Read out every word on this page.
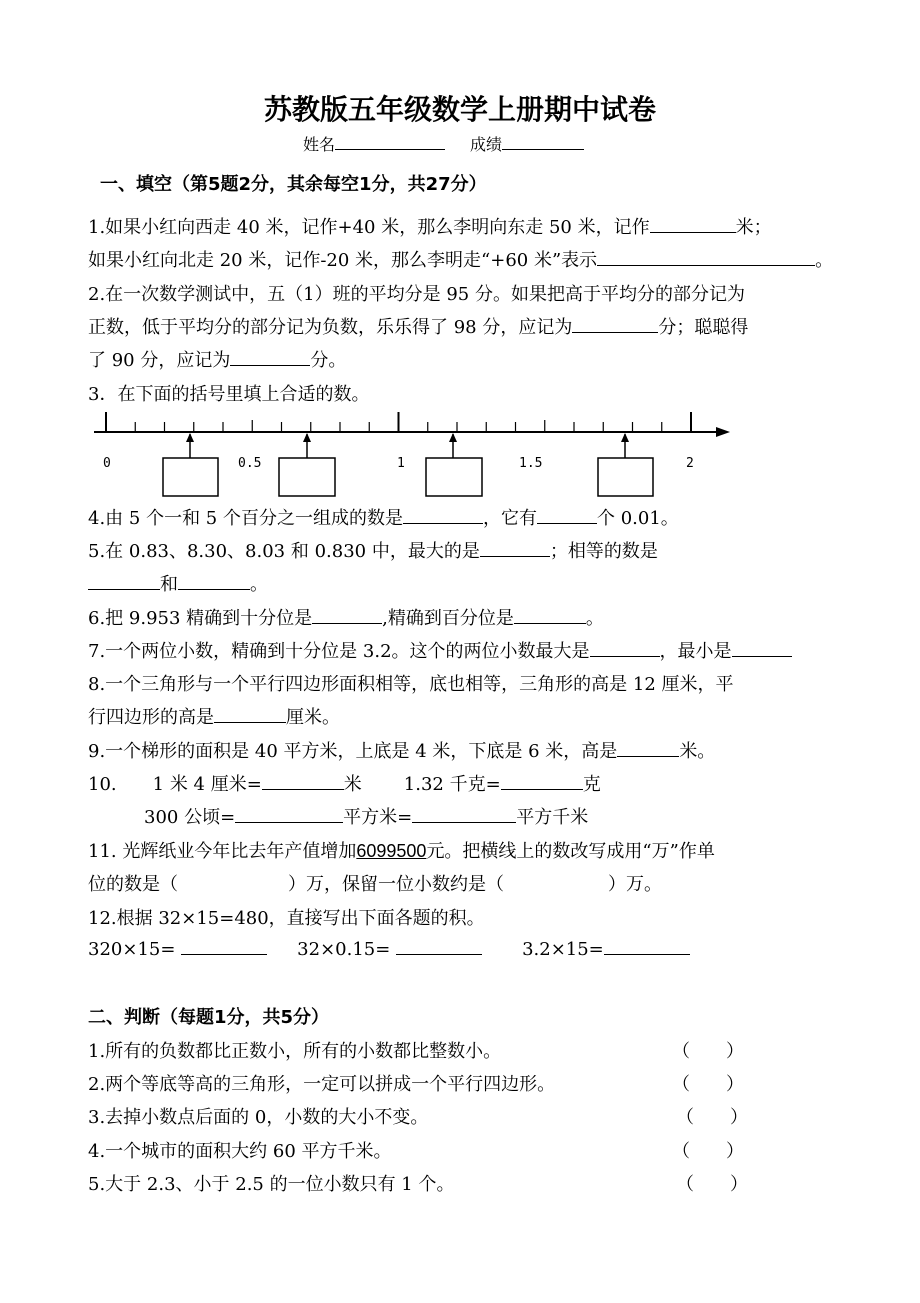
苏教版五年级数学上册期中试卷
姓名	成绩
一、填空（第5题2分，其余每空1分，共27分）
1.如果小红向西走 40 米，记作+40 米，那么李明向东走 50 米，记作	米；
如果小红向北走 20 米，记作-20 米，那么李明走“+60 米”表示	。
2.在一次数学测试中，五（1）班的平均分是 95 分。如果把高于平均分的部分记为
正数，低于平均分的部分记为负数，乐乐得了 98 分，应记为	分；聪聪得
了 90 分，应记为	分。
3．在下面的括号里填上合适的数。
0	0.5	1	1.5	2
4.由 5 个一和 5 个百分之一组成的数是	，它有	个 0.01。
5.在 0.83、8.30、8.03 和 0.830 中，最大的是	；相等的数是
和	。
6.把 9.953 精确到十分位是	,精确到百分位是	。
7.一个两位小数，精确到十分位是 3.2。这个的两位小数最大是	，最小是
8.一个三角形与一个平行四边形面积相等，底也相等，三角形的高是 12 厘米，平
行四边形的高是	厘米。
9.一个梯形的面积是 40 平方米，上底是 4 米，下底是 6 米，高是	米。
10. 1 米 4 厘米=	米 1.32 千克=	克
300 公顷=	平方米=	平方千米
11. 光辉纸业今年比去年产值增加6099500元。把横线上的数改写成用“万”作单
位的数是（	）万，保留一位小数约是（	）万。
12.根据 32×15=480，直接写出下面各题的积。
320×15=	32×0.15=	3.2×15=
二、判断（每题1分，共5分）
1.所有的负数都比正数小，所有的小数都比整数小。	（　　）
2.两个等底等高的三角形，一定可以拼成一个平行四边形。	（　　）
3.去掉小数点后面的 0，小数的大小不变。	（　　）
4.一个城市的面积大约 60 平方千米。	（　　）
5.大于 2.3、小于 2.5 的一位小数只有 1 个。	（　　）
